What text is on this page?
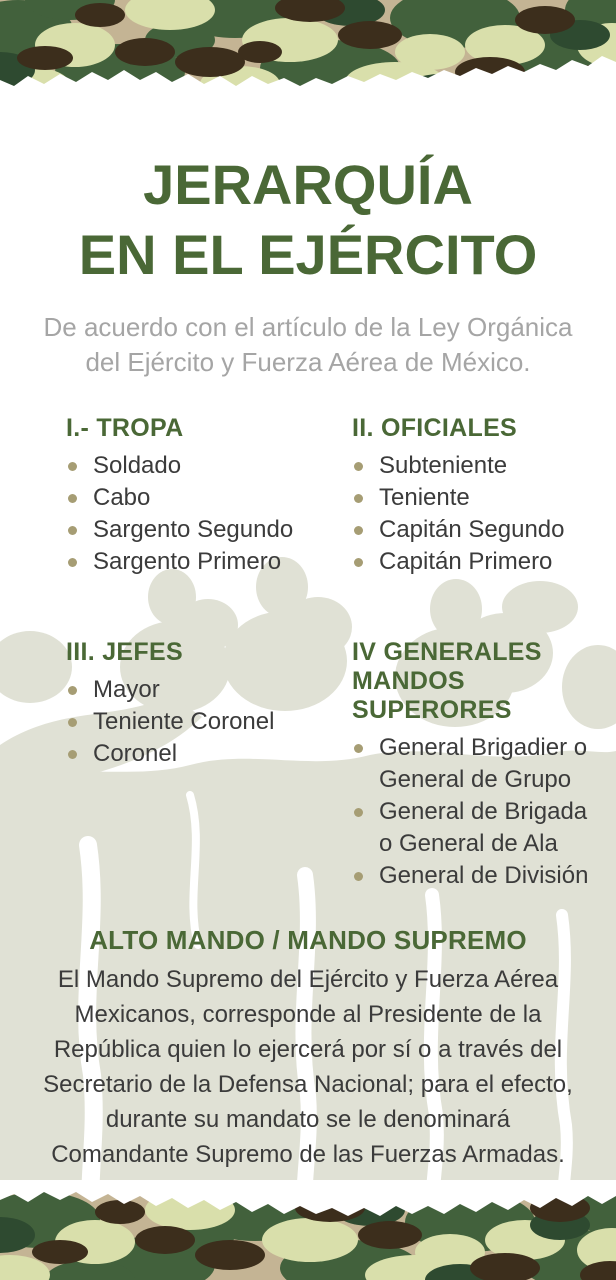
JERARQUÍA
EN EL EJÉRCITO

De acuerdo con el artículo de la Ley Orgánica del Ejército y Fuerza Aérea de México.

I.- TROPA
Soldado
Cabo
Sargento Segundo
Sargento Primero
II. OFICIALES
Subteniente
Teniente
Capitán Segundo
Capitán Primero
III. JEFES
Mayor
Teniente Coronel
Coronel
IV GENERALES MANDOS SUPERORES
General Brigadier o General de Grupo
General de Brigada o General de Ala
General de División
ALTO MANDO / MANDO SUPREMO

El Mando Supremo del Ejército y Fuerza Aérea Mexicanos, corresponde al Presidente de la República quien lo ejercerá por sí o a través del Secretario de la Defensa Nacional; para el efecto, durante su mandato se le denominará Comandante Supremo de las Fuerzas Armadas.
